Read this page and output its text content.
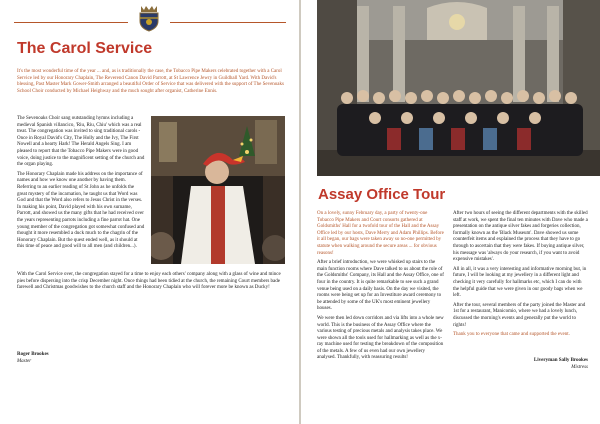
The Carol Service

It's the most wonderful time of the year ... and, as is traditionally the case, the Tobacco Pipe Makers celebrated together with a Carol Service led by our Honorary Chaplain, The Reverend Canon David Parrott, at St Lawrence Jewry in Guildhall Yard. With David's blessing, Past Master Mark Gower-Smith arranged a beautiful Order of Service that was delivered with the support of The Sevenoaks School Choir conducted by Michael Heighway and the much sought after organist, Catherine Ennis.

The Sevenoaks Choir sang outstanding hymns including a medieval Spanish villancico, 'Riu, Riu, Chiu' which was a real treat. The congregation was invited to sing traditional carols - Once in Royal David's City, The Holly and the Ivy, The First Nowell and a hearty Hark! The Herald Angels Sing. I am pleased to report that the Tobacco Pipe Makers were in good voice, doing justice to the magnificent setting of the church and the organ playing.

The Honorary Chaplain made his address on the importance of names and how we know one another by having them. Referring to an earlier reading of St John as he unfolds the great mystery of the incarnation, he taught us that Word was God and that the Word also refers to Jesus Christ in the verses. In making his point, David played with his own surname, Parrott, and showed us the many gifts that he had received over the years representing parrots including a fine parrot hat. One young member of the congregation got somewhat confused and thought it more resembled a duck much to the chagrin of the Honorary Chaplain. But the quest ended well, as it should at this time of peace and good will to all men (and children...).

With the Carol Service over, the congregation stayed for a time to enjoy each others' company along with a glass of wine and mince pies before dispersing into the crisp December night. Once things had been tidied at the church, the remaining Court members bade farewell and Christmas goodwishes to the church staff and the Honorary Chaplain who will forever more be known as Ducky!

Roger Brookes
Master
Assay Office Tour

On a lovely, sunny February day, a party of twenty-one Tobacco Pipe Makers and Court consorts gathered at Goldsmiths' Hall for a twofold tour of the Hall and the Assay Office led by our hosts, Dave Merry and Adam Phillips. Before it all began, our bags were taken away so no-one permitted by statute when walking around the secure areas ... for obvious reasons!

After a brief introduction, we were whisked up stairs to the main function rooms where Dave talked to us about the role of the Goldsmiths' Company, its Hall and the Assay Office, one of four in the country. It is quite remarkable to see such a grand venue being used on a daily basis. On the day we visited, the rooms were being set up for an Investiture award ceremony to be attended by some of the UK's most eminent jewellery houses.

We were then led down corridors and via lifts into a whole new world. This is the business of the Assay Office where the various testing of precious metals and analysis takes place. We were shown all the tools used for hallmarking as well as the x-ray machine used for testing the breakdown of the composition of the metals. A few of us even had our own jewellery analysed. Thankfully, with reassuring results!

After two hours of seeing the different departments with the skilled staff at work, we spent the final ten minutes with Dave who made a presentation on the antique silver fakes and forgeries collection, formally known as the 'Black Museum'. Dave showed us some counterfeit items and explained the process that they have to go through to ascertain that they were fakes. If buying antique silver, his message was 'always do your research, if you want to avoid expensive mistakes'.

All in all, it was a very interesting and informative morning but, in future, I will be looking at my jewellery in a different light and checking it very carefully for hallmarks etc, which I can do with the helpful guide that we were given in our goody bags when we left.

After the tour, several members of the party joined the Master and 1st for a restaurant, Manicomio, where we had a lovely lunch, discussed the morning's events and generally put the world to rights!

Thank you to everyone that came and supported the event.

Liveryman Sally Brookes
Mistress
